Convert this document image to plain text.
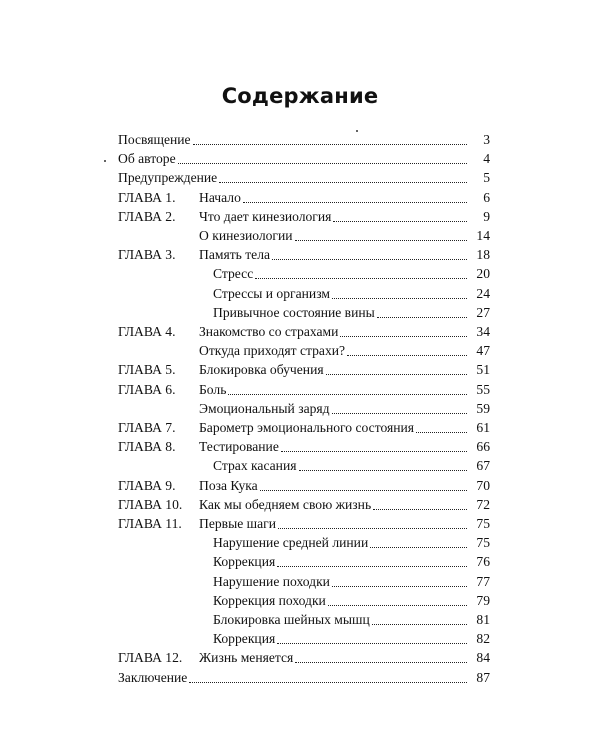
Содержание
Посвящение	3
Об авторе	4
Предупреждение	5
ГЛАВА 1. Начало	6
ГЛАВА 2. Что дает кинезиология	9
О кинезиологии	14
ГЛАВА 3. Память тела	18
Стресс	20
Стрессы и организм	24
Привычное состояние вины	27
ГЛАВА 4. Знакомство со страхами	34
Откуда приходят страхи?	47
ГЛАВА 5. Блокировка обучения	51
ГЛАВА 6. Боль	55
Эмоциональный заряд	59
ГЛАВА 7. Барометр эмоционального состояния	61
ГЛАВА 8. Тестирование	66
Страх касания	67
ГЛАВА 9. Поза Кука	70
ГЛАВА 10. Как мы обедняем свою жизнь	72
ГЛАВА 11. Первые шаги	75
Нарушение средней линии	75
Коррекция	76
Нарушение походки	77
Коррекция походки	79
Блокировка шейных мышц	81
Коррекция	82
ГЛАВА 12. Жизнь меняется	84
Заключение	87
